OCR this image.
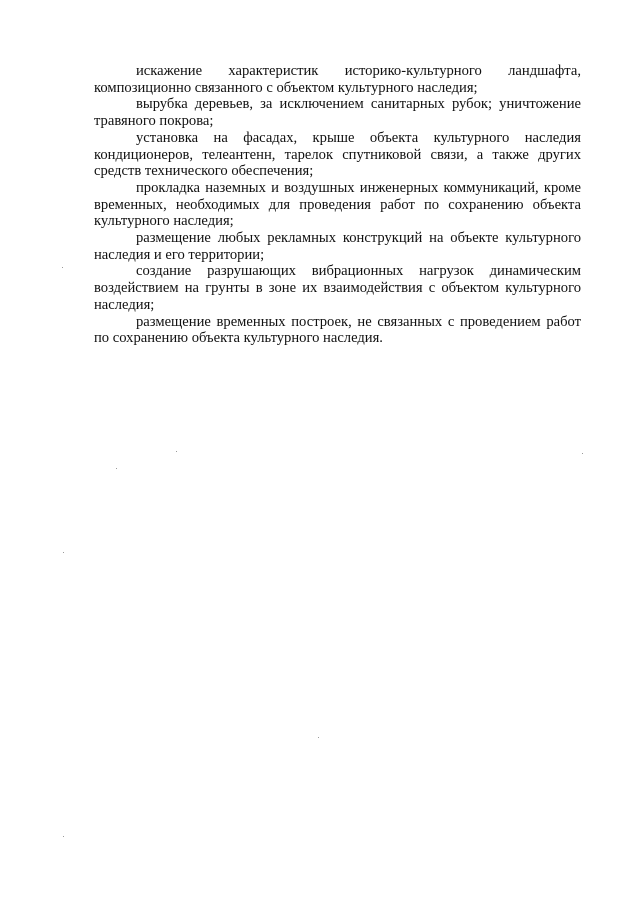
искажение характеристик историко-культурного ландшафта, композиционно связанного с объектом культурного наследия;

вырубка деревьев, за исключением санитарных рубок; уничтожение травяного покрова;

установка на фасадах, крыше объекта культурного наследия кондиционеров, телеантенн, тарелок спутниковой связи, а также других средств технического обеспечения;

прокладка наземных и воздушных инженерных коммуникаций, кроме временных, необходимых для проведения работ по сохранению объекта культурного наследия;

размещение любых рекламных конструкций на объекте культурного наследия и его территории;

создание разрушающих вибрационных нагрузок динамическим воздействием на грунты в зоне их взаимодействия с объектом культурного наследия;

размещение временных построек, не связанных с проведением работ по сохранению объекта культурного наследия.
